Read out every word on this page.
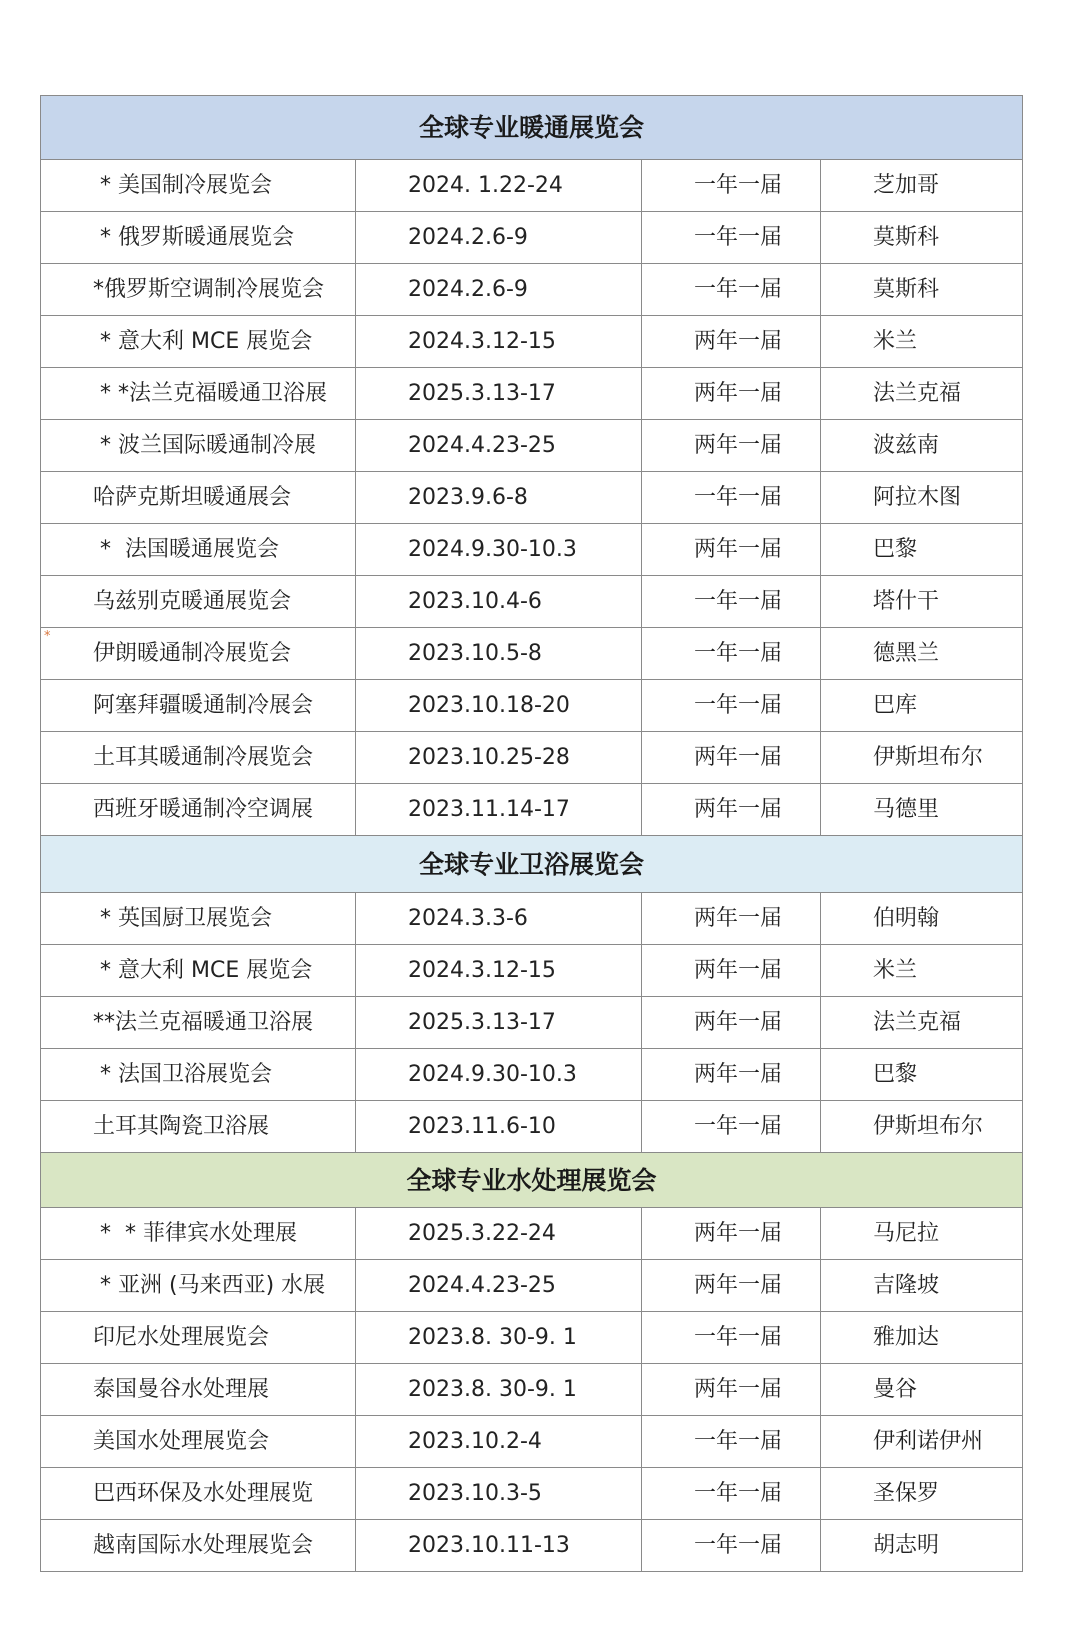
全球专业暖通展览会			
* 美国制冷展览会	2024. 1.22-24	一年一届	芝加哥
* 俄罗斯暖通展览会	2024.2.6-9	一年一届	莫斯科
*俄罗斯空调制冷展览会	2024.2.6-9	一年一届	莫斯科
* 意大利 MCE 展览会	2024.3.12-15	两年一届	米兰
* *法兰克福暖通卫浴展	2025.3.13-17	两年一届	法兰克福
* 波兰国际暖通制冷展	2024.4.23-25	两年一届	波兹南
哈萨克斯坦暖通展会	2023.9.6-8	一年一届	阿拉木图
*  法国暖通展览会	2024.9.30-10.3	两年一届	巴黎
乌兹别克暖通展览会	2023.10.4-6	一年一届	塔什干
伊朗暖通制冷展览会	2023.10.5-8	一年一届	德黑兰
阿塞拜疆暖通制冷展会	2023.10.18-20	一年一届	巴库
土耳其暖通制冷展览会	2023.10.25-28	两年一届	伊斯坦布尔
西班牙暖通制冷空调展	2023.11.14-17	两年一届	马德里
全球专业卫浴展览会			
* 英国厨卫展览会	2024.3.3-6	两年一届	伯明翰
* 意大利 MCE 展览会	2024.3.12-15	两年一届	米兰
**法兰克福暖通卫浴展	2025.3.13-17	两年一届	法兰克福
* 法国卫浴展览会	2024.9.30-10.3	两年一届	巴黎
土耳其陶瓷卫浴展	2023.11.6-10	一年一届	伊斯坦布尔
全球专业水处理展览会			
*  * 菲律宾水处理展	2025.3.22-24	两年一届	马尼拉
* 亚洲 (马来西亚) 水展	2024.4.23-25	两年一届	吉隆坡
印尼水处理展览会	2023.8. 30-9. 1	一年一届	雅加达
泰国曼谷水处理展	2023.8. 30-9. 1	两年一届	曼谷
美国水处理展览会	2023.10.2-4	一年一届	伊利诺伊州
巴西环保及水处理展览	2023.10.3-5	一年一届	圣保罗
越南国际水处理展览会	2023.10.11-13	一年一届	胡志明
*
